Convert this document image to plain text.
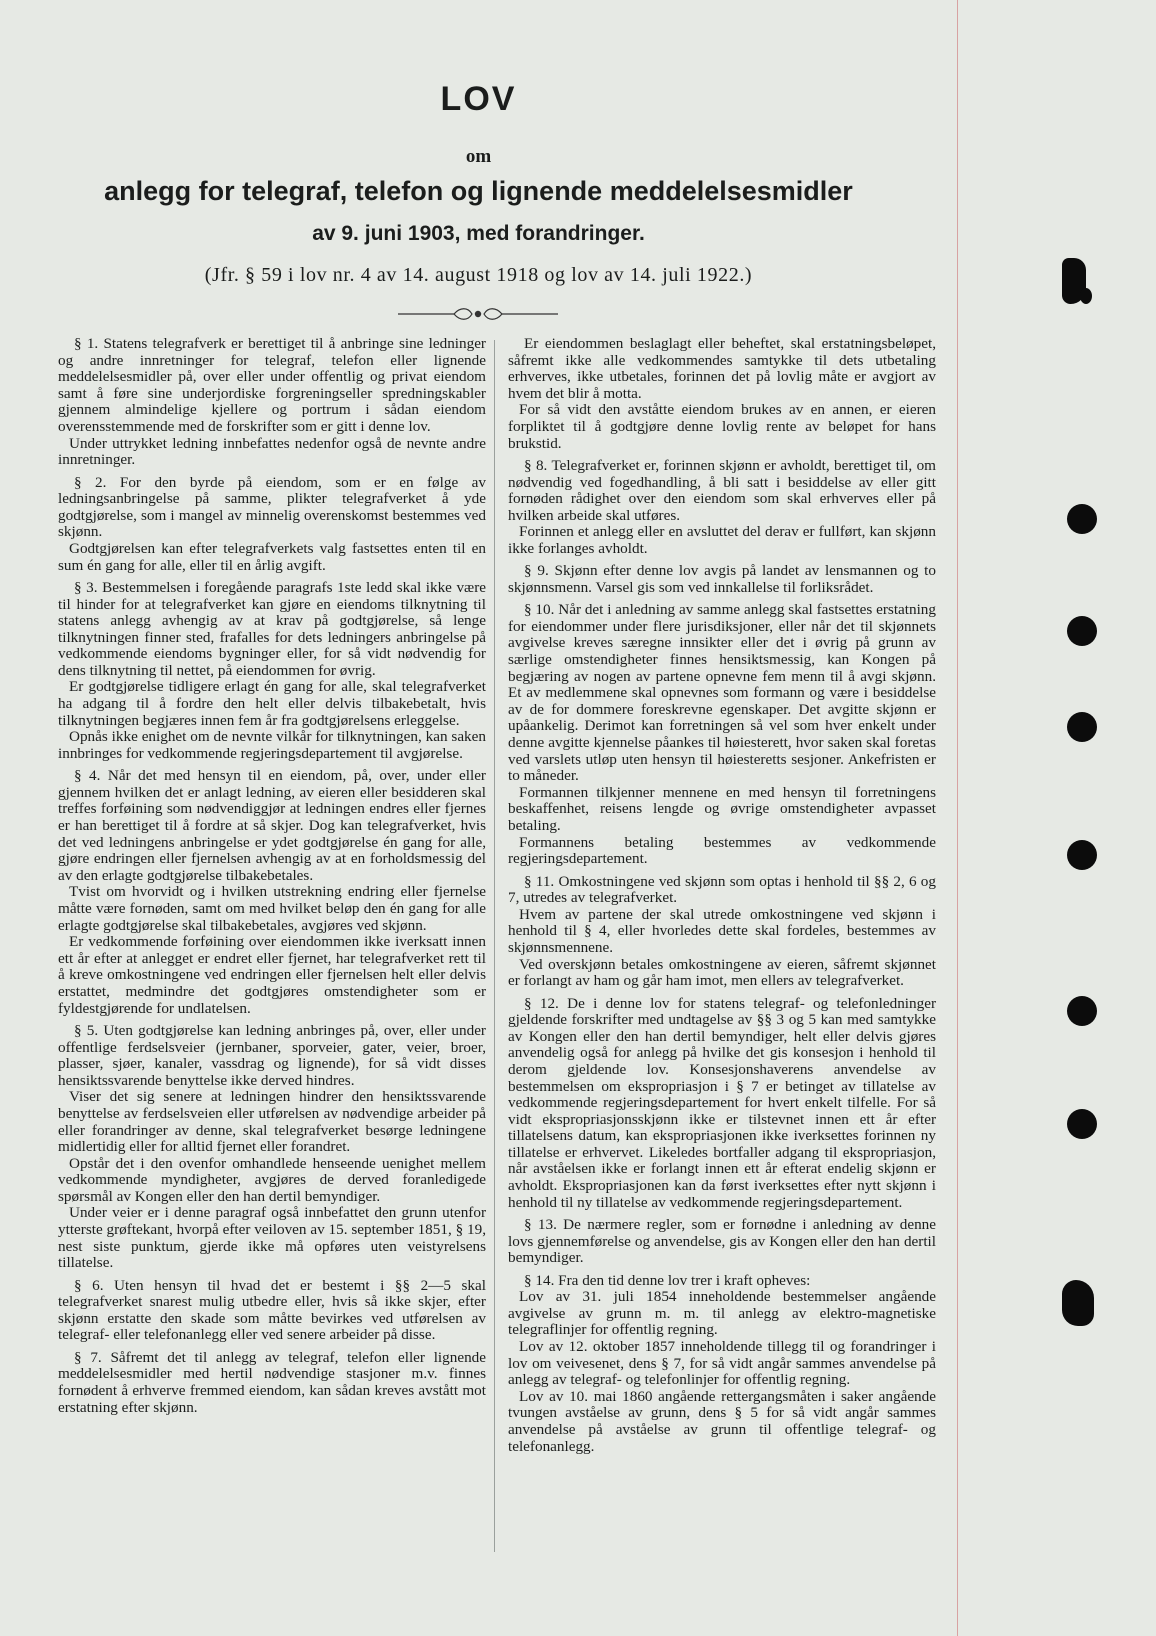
LOV
om
anlegg for telegraf, telefon og lignende meddelelsesmidler
av 9. juni 1903, med forandringer.
(Jfr. § 59 i lov nr. 4 av 14. august 1918 og lov av 14. juli 1922.)

§ 1. Statens telegrafverk er berettiget til å anbringe sine ledninger og andre innretninger for telegraf, telefon eller lignende meddelelsesmidler på, over eller under offentlig og privat eiendom samt å føre sine underjordiske forgreningseller spredningskabler gjennem almindelige kjellere og portrum i sådan eiendom overensstemmende med de forskrifter som er gitt i denne lov.

Under uttrykket ledning innbefattes nedenfor også de nevnte andre innretninger.

§ 2. For den byrde på eiendom, som er en følge av ledningsanbringelse på samme, plikter telegrafverket å yde godtgjørelse, som i mangel av minnelig overenskomst bestemmes ved skjønn.

Godtgjørelsen kan efter telegrafverkets valg fastsettes enten til en sum én gang for alle, eller til en årlig avgift.

§ 3. Bestemmelsen i foregående paragrafs 1ste ledd skal ikke være til hinder for at telegrafverket kan gjøre en eiendoms tilknytning til statens anlegg avhengig av at krav på godtgjørelse, så lenge tilknytningen finner sted, frafalles for dets ledningers anbringelse på vedkommende eiendoms bygninger eller, for så vidt nødvendig for dens tilknytning til nettet, på eiendommen for øvrig.

Er godtgjørelse tidligere erlagt én gang for alle, skal telegrafverket ha adgang til å fordre den helt eller delvis tilbakebetalt, hvis tilknytningen begjæres innen fem år fra godtgjørelsens erleggelse.

Opnås ikke enighet om de nevnte vilkår for tilknytningen, kan saken innbringes for vedkommende regjeringsdepartement til avgjørelse.

§ 4. Når det med hensyn til en eiendom, på, over, under eller gjennem hvilken det er anlagt ledning, av eieren eller besidderen skal treffes forføining som nødvendiggjør at ledningen endres eller fjernes er han berettiget til å fordre at så skjer. Dog kan telegrafverket, hvis det ved ledningens anbringelse er ydet godtgjørelse én gang for alle, gjøre endringen eller fjernelsen avhengig av at en forholdsmessig del av den erlagte godtgjørelse tilbakebetales.

Tvist om hvorvidt og i hvilken utstrekning endring eller fjernelse måtte være fornøden, samt om med hvilket beløp den én gang for alle erlagte godtgjørelse skal tilbakebetales, avgjøres ved skjønn.

Er vedkommende forføining over eiendommen ikke iverksatt innen ett år efter at anlegget er endret eller fjernet, har telegrafverket rett til å kreve omkostningene ved endringen eller fjernelsen helt eller delvis erstattet, medmindre det godtgjøres omstendigheter som er fyldestgjørende for undlatelsen.

§ 5. Uten godtgjørelse kan ledning anbringes på, over, eller under offentlige ferdselsveier (jernbaner, sporveier, gater, veier, broer, plasser, sjøer, kanaler, vassdrag og lignende), for så vidt disses hensiktssvarende benyttelse ikke derved hindres.

Viser det sig senere at ledningen hindrer den hensiktssvarende benyttelse av ferdselsveien eller utførelsen av nødvendige arbeider på eller forandringer av denne, skal telegrafverket besørge ledningene midlertidig eller for alltid fjernet eller forandret.

Opstår det i den ovenfor omhandlede henseende uenighet mellem vedkommende myndigheter, avgjøres de derved foranledigede spørsmål av Kongen eller den han dertil bemyndiger.

Under veier er i denne paragraf også innbefattet den grunn utenfor ytterste grøftekant, hvorpå efter veiloven av 15. september 1851, § 19, nest siste punktum, gjerde ikke må opføres uten veistyrelsens tillatelse.

§ 6. Uten hensyn til hvad det er bestemt i §§ 2—5 skal telegrafverket snarest mulig utbedre eller, hvis så ikke skjer, efter skjønn erstatte den skade som måtte bevirkes ved utførelsen av telegraf- eller telefonanlegg eller ved senere arbeider på disse.

§ 7. Såfremt det til anlegg av telegraf, telefon eller lignende meddelelsesmidler med hertil nødvendige stasjoner m.v. finnes fornødent å erhverve fremmed eiendom, kan sådan kreves avstått mot erstatning efter skjønn.

Er eiendommen beslaglagt eller beheftet, skal erstatningsbeløpet, såfremt ikke alle vedkommendes samtykke til dets utbetaling erhverves, ikke utbetales, forinnen det på lovlig måte er avgjort av hvem det blir å motta.

For så vidt den avståtte eiendom brukes av en annen, er eieren forpliktet til å godtgjøre denne lovlig rente av beløpet for hans brukstid.

§ 8. Telegrafverket er, forinnen skjønn er avholdt, berettiget til, om nødvendig ved fogedhandling, å bli satt i besiddelse av eller gitt fornøden rådighet over den eiendom som skal erhverves eller på hvilken arbeide skal utføres.

Forinnen et anlegg eller en avsluttet del derav er fullført, kan skjønn ikke forlanges avholdt.

§ 9. Skjønn efter denne lov avgis på landet av lensmannen og to skjønnsmenn. Varsel gis som ved innkallelse til forliksrådet.

§ 10. Når det i anledning av samme anlegg skal fastsettes erstatning for eiendommer under flere jurisdiksjoner, eller når det til skjønnets avgivelse kreves særegne innsikter eller det i øvrig på grunn av særlige omstendigheter finnes hensiktsmessig, kan Kongen på begjæring av nogen av partene opnevne fem menn til å avgi skjønn. Et av medlemmene skal opnevnes som formann og være i besiddelse av de for dommere foreskrevne egenskaper. Det avgitte skjønn er upåankelig. Derimot kan forretningen så vel som hver enkelt under denne avgitte kjennelse påankes til høiesterett, hvor saken skal foretas ved varslets utløp uten hensyn til høiesteretts sesjoner. Ankefristen er to måneder.

Formannen tilkjenner mennene en med hensyn til forretningens beskaffenhet, reisens lengde og øvrige omstendigheter avpasset betaling.

Formannens betaling bestemmes av vedkommende regjeringsdepartement.

§ 11. Omkostningene ved skjønn som optas i henhold til §§ 2, 6 og 7, utredes av telegrafverket.

Hvem av partene der skal utrede omkostningene ved skjønn i henhold til § 4, eller hvorledes dette skal fordeles, bestemmes av skjønnsmennene.

Ved overskjønn betales omkostningene av eieren, såfremt skjønnet er forlangt av ham og går ham imot, men ellers av telegrafverket.

§ 12. De i denne lov for statens telegraf- og telefonledninger gjeldende forskrifter med undtagelse av §§ 3 og 5 kan med samtykke av Kongen eller den han dertil bemyndiger, helt eller delvis gjøres anvendelig også for anlegg på hvilke det gis konsesjon i henhold til derom gjeldende lov. Konsesjonshaverens anvendelse av bestemmelsen om ekspropriasjon i § 7 er betinget av tillatelse av vedkommende regjeringsdepartement for hvert enkelt tilfelle. For så vidt ekspropriasjonsskjønn ikke er tilstevnet innen ett år efter tillatelsens datum, kan ekspropriasjonen ikke iverksettes forinnen ny tillatelse er erhvervet. Likeledes bortfaller adgang til ekspropriasjon, når avståelsen ikke er forlangt innen ett år efterat endelig skjønn er avholdt. Ekspropriasjonen kan da først iverksettes efter nytt skjønn i henhold til ny tillatelse av vedkommende regjeringsdepartement.

§ 13. De nærmere regler, som er fornødne i anledning av denne lovs gjennemførelse og anvendelse, gis av Kongen eller den han dertil bemyndiger.

§ 14. Fra den tid denne lov trer i kraft opheves:

Lov av 31. juli 1854 inneholdende bestemmelser angående avgivelse av grunn m. m. til anlegg av elektro-magnetiske telegraflinjer for offentlig regning.

Lov av 12. oktober 1857 inneholdende tillegg til og forandringer i lov om veivesenet, dens § 7, for så vidt angår sammes anvendelse på anlegg av telegraf- og telefonlinjer for offentlig regning.

Lov av 10. mai 1860 angående rettergangsmåten i saker angående tvungen avståelse av grunn, dens § 5 for så vidt angår sammes anvendelse på avståelse av grunn til offentlige telegraf- og telefonanlegg.
